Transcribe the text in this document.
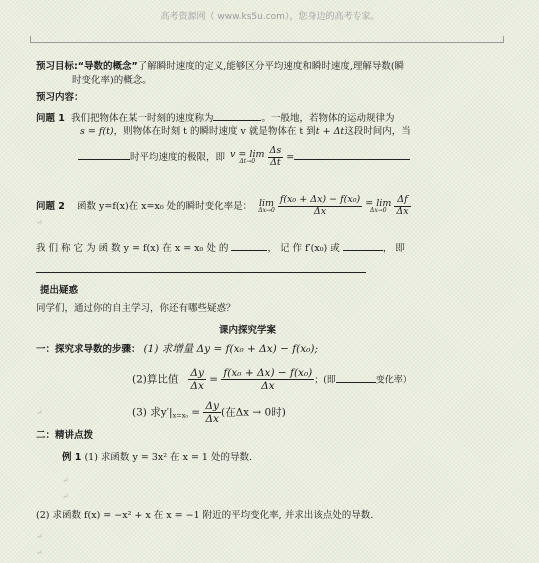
高考资源网（ www.ks5u.com），您身边的高考专家。
预习目标:“导数的概念”了解瞬时速度的定义,能够区分平均速度和瞬时速度,理解导数(瞬
时变化率)的概念。
预习内容：
问题 1 我们把物体在某一时刻的速度称为	。一般地，若物体的运动规律为
s = f(t)，则物体在时刻 t 的瞬时速度 v 就是物体在 t 到t + Δt这段时间内，当
时平均速度的极限，即 v = lim
Δt→0
	$\frac{\Delta s}{\Delta t}$ =
问题 2 函数 y=f(x)在 x=x₀ 处的瞬时变化率是： lim
Δx→0
$\frac{\text{f(x₀ + Δx) − f(x₀)}}{\Delta x} = \lim$
Δx→0
$\frac{\Delta f}{\Delta x}$
我 们 称 它 为 函 数 y = f(x) 在 x = x₀ 处 的	， 记 作 f′(x₀) 或	， 即
提出疑惑
同学们，通过你的自主学习，你还有哪些疑惑？
课内探究学案
一：探究求导数的步骤： (1) 求增量 Δy = f(x₀ + Δx) − f(x₀);
(2)算比值 $\frac{\Delta y}{\Delta x} = \frac{\text{f(x₀ + Δx) − f(x₀)}}{\Delta x}$ ；(即	变化率）
(3) 求$y'|x=x_0 = \frac{\Delta y}{\Delta x}$ (在Δx → 0时)
二：精讲点拨
例 1 (1) 求函数 y = 3x² 在 x = 1 处的导数.
(2) 求函数 f(x) = −x² + x 在 x = −1 附近的平均变化率, 并求出该点处的导数.
↵
↵
↵
↵
↵
↵
